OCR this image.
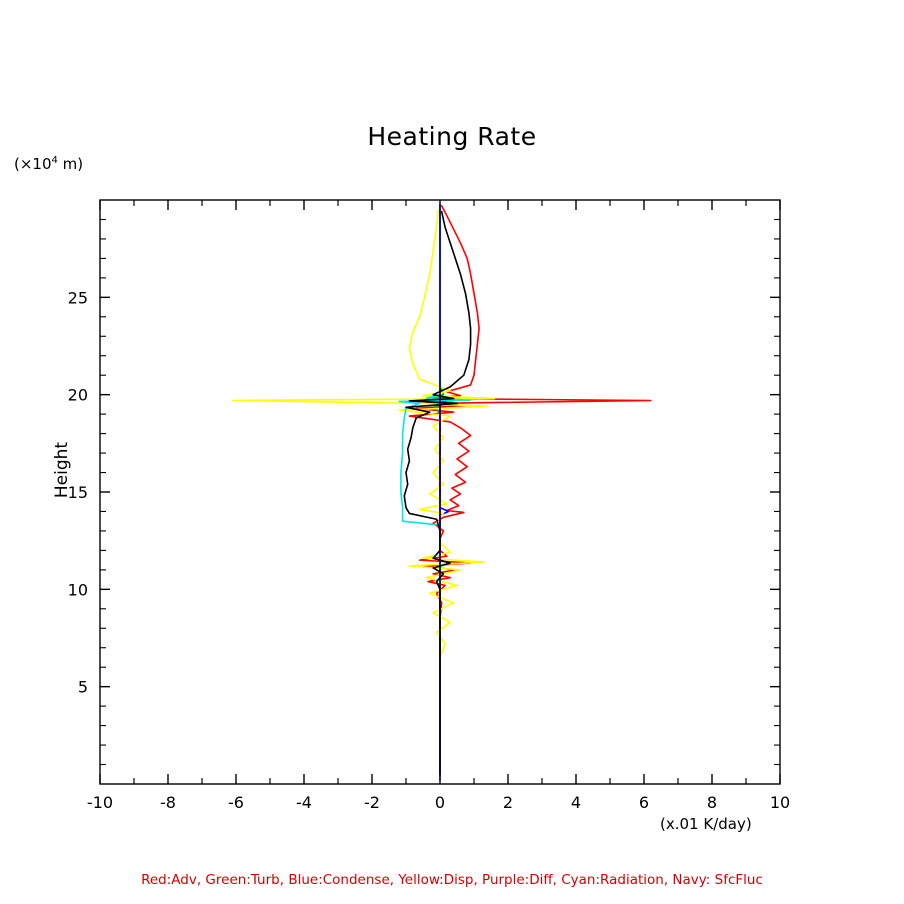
Heating Rate
($\times 10^4$ m)
(x.01 K/day)
Height
-10	-8	-6	-4	-2	0	2	4	6	8	10
5
10
15
20
25
Red:Adv, Green:Turb, Blue:Condense, Yellow:Disp, Purple:Diff, Cyan:Radiation, Navy: SfcFluc
